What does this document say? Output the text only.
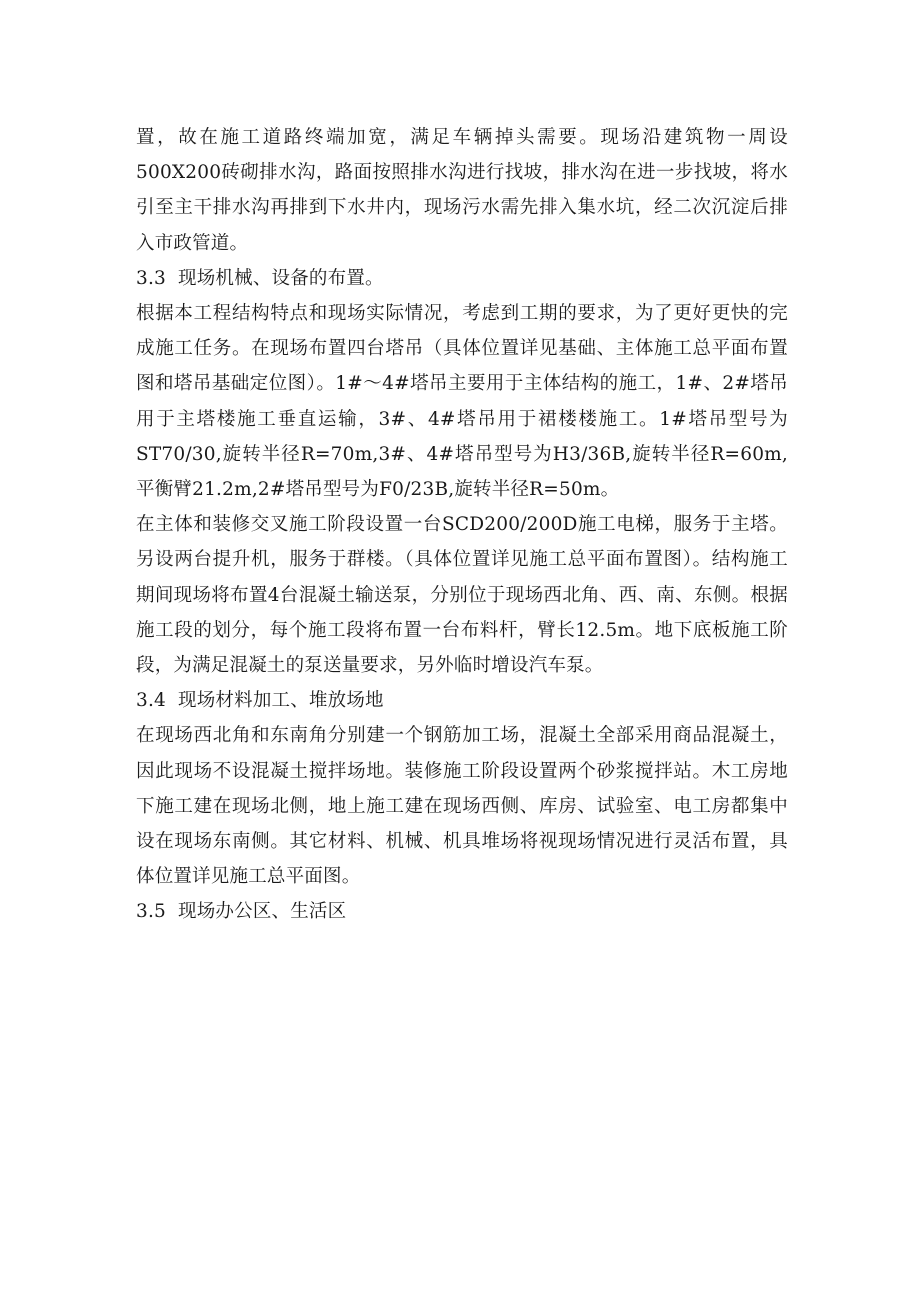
置，故在施工道路终端加宽，满足车辆掉头需要。现场沿建筑物一周设500X200砖砌排水沟，路面按照排水沟进行找坡，排水沟在进一步找坡，将水引至主干排水沟再排到下水井内，现场污水需先排入集水坑，经二次沉淀后排入市政管道。

3.3 现场机械、设备的布置。

根据本工程结构特点和现场实际情况，考虑到工期的要求，为了更好更快的完成施工任务。在现场布置四台塔吊（具体位置详见基础、主体施工总平面布置图和塔吊基础定位图）。1#～4#塔吊主要用于主体结构的施工，1#、2#塔吊用于主塔楼施工垂直运输，3#、4#塔吊用于裙楼楼施工。1#塔吊型号为ST70/30,旋转半径R=70m,3#、4#塔吊型号为H3/36B,旋转半径R=60m,平衡臂21.2m,2#塔吊型号为F0/23B,旋转半径R=50m。

在主体和装修交叉施工阶段设置一台SCD200/200D施工电梯，服务于主塔。另设两台提升机，服务于群楼。（具体位置详见施工总平面布置图）。结构施工期间现场将布置4台混凝土输送泵，分别位于现场西北角、西、南、东侧。根据施工段的划分，每个施工段将布置一台布料杆，臂长12.5m。地下底板施工阶段，为满足混凝土的泵送量要求，另外临时增设汽车泵。

3.4 现场材料加工、堆放场地

在现场西北角和东南角分别建一个钢筋加工场，混凝土全部采用商品混凝土，因此现场不设混凝土搅拌场地。装修施工阶段设置两个砂浆搅拌站。木工房地下施工建在现场北侧，地上施工建在现场西侧、库房、试验室、电工房都集中设在现场东南侧。其它材料、机械、机具堆场将视现场情况进行灵活布置，具体位置详见施工总平面图。

3.5 现场办公区、生活区
